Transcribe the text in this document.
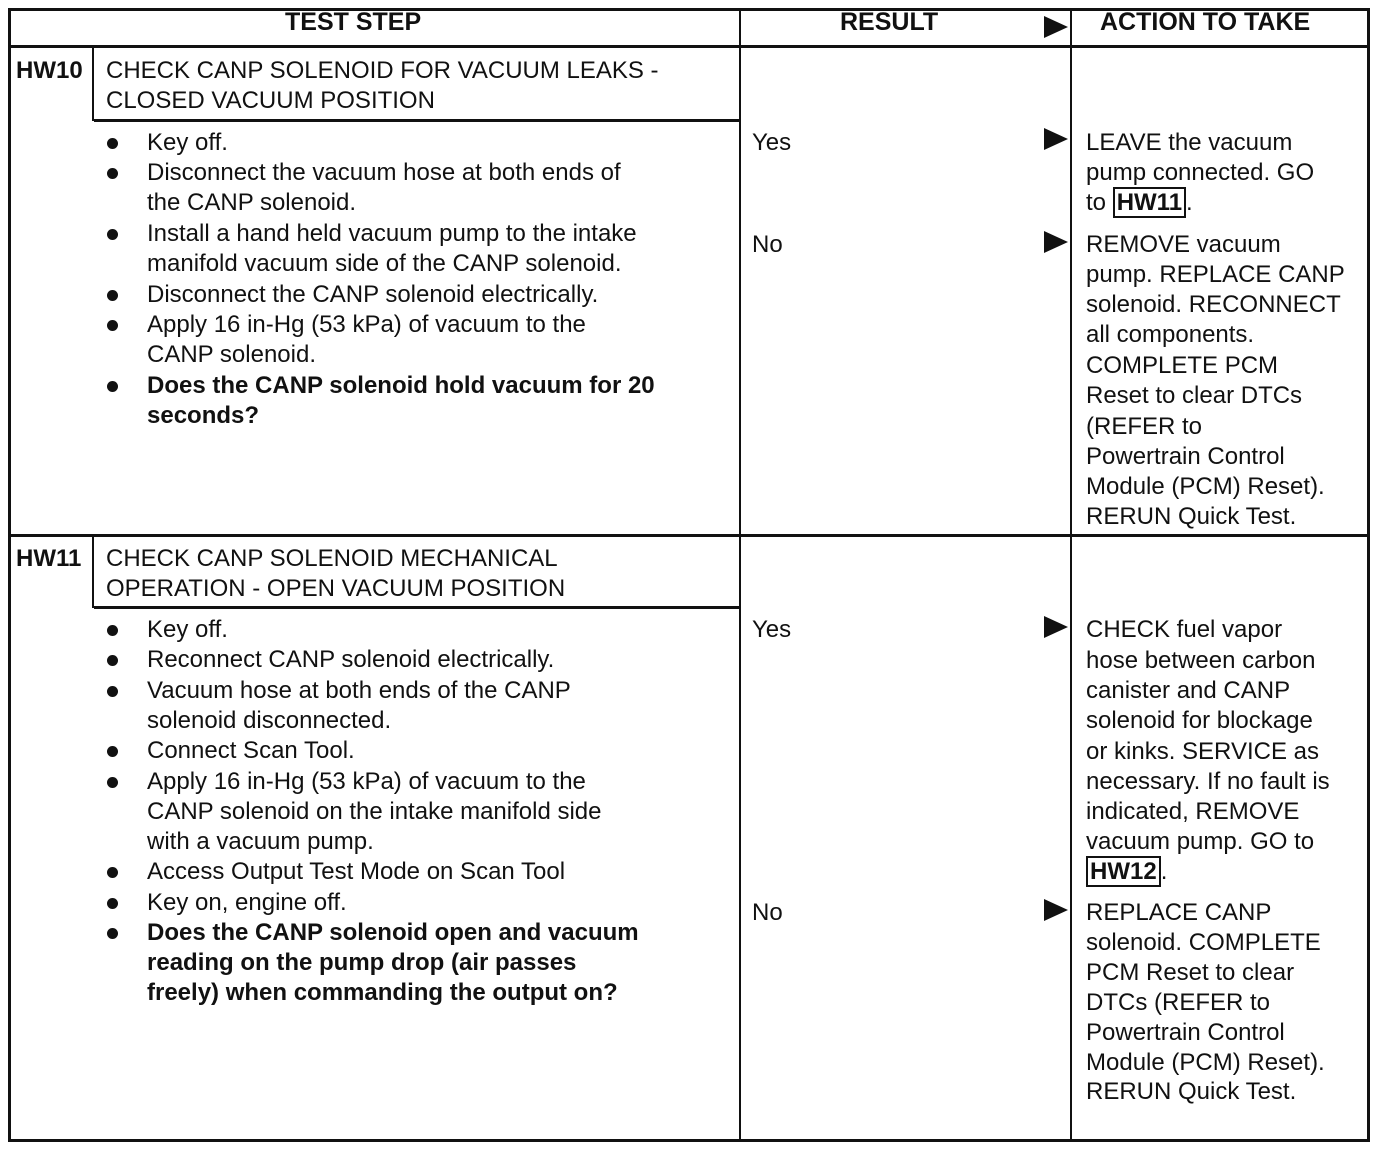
TEST STEP	RESULT	ACTION TO TAKE
HW10 CHECK CANP SOLENOID FOR VACUUM LEAKS -
CLOSED VACUUM POSITION
Key off.
Disconnect the vacuum hose at both ends of
the CANP solenoid.
Install a hand held vacuum pump to the intake
manifold vacuum side of the CANP solenoid.
Disconnect the CANP solenoid electrically.
Apply 16 in-Hg (53 kPa) of vacuum to the
CANP solenoid.
Does the CANP solenoid hold vacuum for 20
seconds?
Yes	LEAVE the vacuum
pump connected. GO
to HW11 .
No	REMOVE vacuum
pump. REPLACE CANP
solenoid. RECONNECT
all components.
COMPLETE PCM
Reset to clear DTCs
(REFER to
Powertrain Control
Module (PCM) Reset).
RERUN Quick Test.
HW11 CHECK CANP SOLENOID MECHANICAL
OPERATION - OPEN VACUUM POSITION
Key off.
Reconnect CANP solenoid electrically.
Vacuum hose at both ends of the CANP
solenoid disconnected.
Connect Scan Tool.
Apply 16 in-Hg (53 kPa) of vacuum to the
CANP solenoid on the intake manifold side
with a vacuum pump.
Access Output Test Mode on Scan Tool
Key on, engine off.
Does the CANP solenoid open and vacuum
reading on the pump drop (air passes
freely) when commanding the output on?
Yes	CHECK fuel vapor
hose between carbon
canister and CANP
solenoid for blockage
or kinks. SERVICE as
necessary. If no fault is
indicated, REMOVE
vacuum pump. GO to
HW12 .
No	REPLACE CANP
solenoid. COMPLETE
PCM Reset to clear
DTCs (REFER to
Powertrain Control
Module (PCM) Reset).
RERUN Quick Test.
